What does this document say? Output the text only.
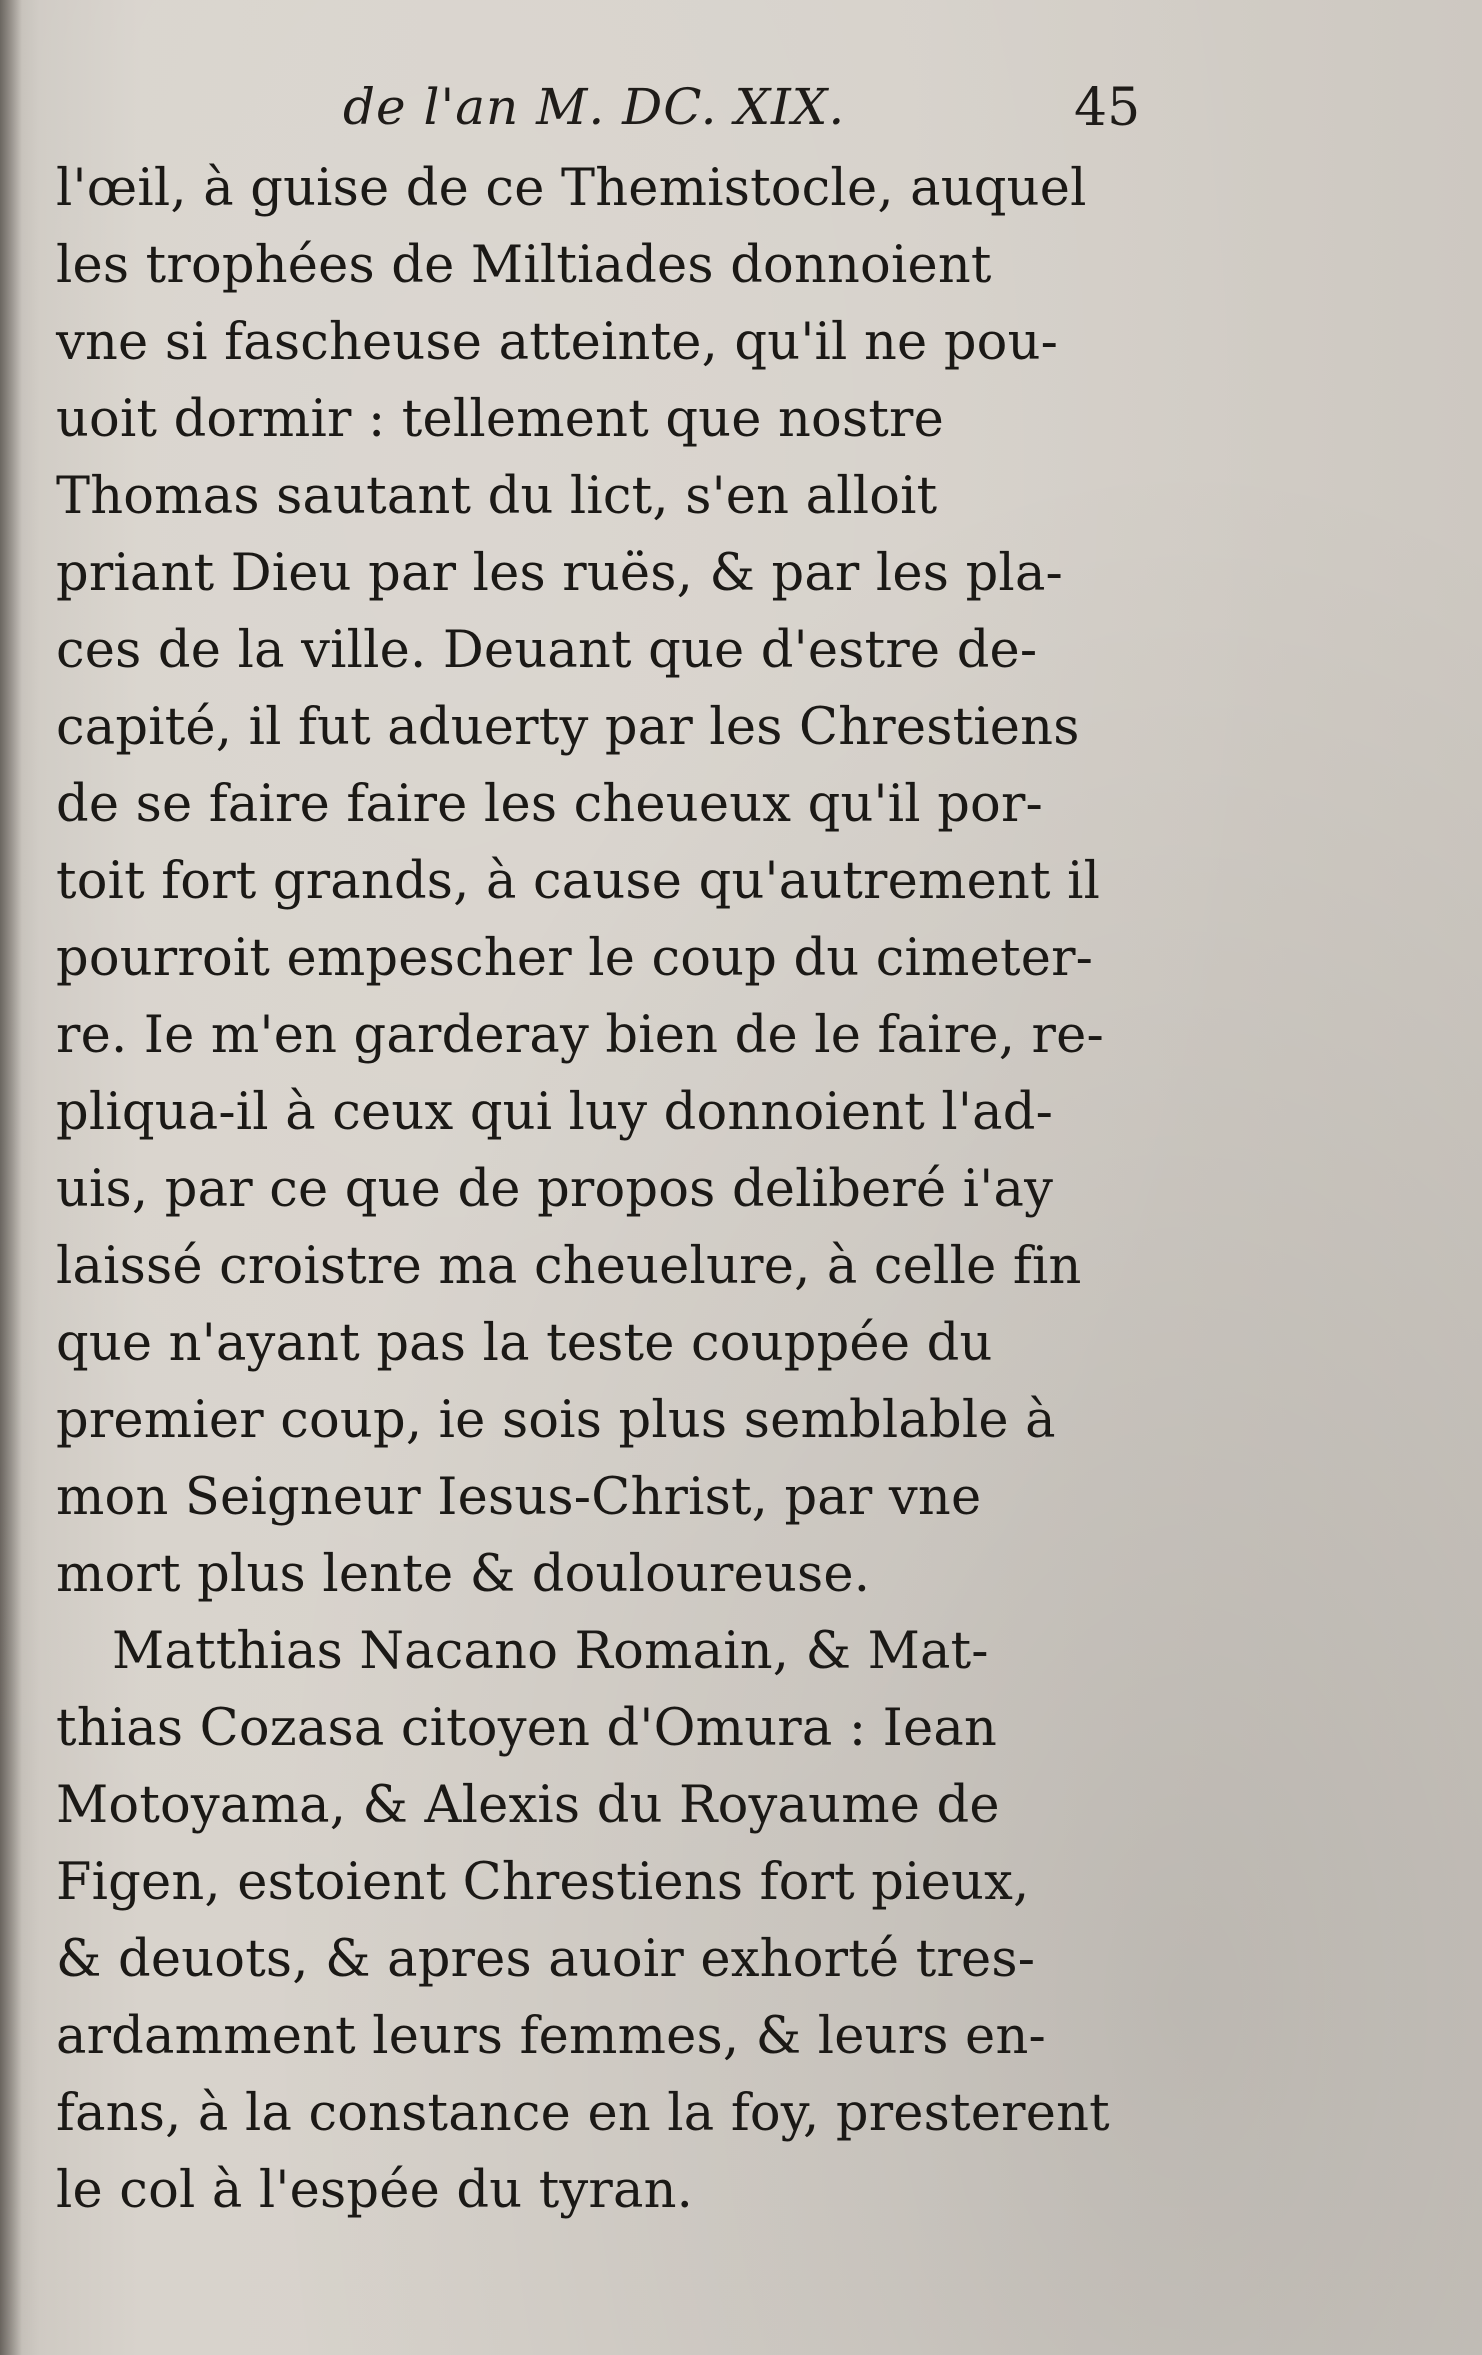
de l'an M. DC. XIX.	45
l'œil, à guise de ce Themistocle, auquel
les trophées de Miltiades donnoient
vne si fascheuse atteinte, qu'il ne pou-
uoit dormir : tellement que nostre
Thomas sautant du lict, s'en alloit
priant Dieu par les ruës, & par les pla-
ces de la ville. Deuant que d'estre de-
capité, il fut aduerty par les Chrestiens
de se faire faire les cheueux qu'il por-
toit fort grands, à cause qu'autrement il
pourroit empescher le coup du cimeter-
re. Ie m'en garderay bien de le faire, re-
pliqua-il à ceux qui luy donnoient l'ad-
uis, par ce que de propos deliberé i'ay
laissé croistre ma cheuelure, à celle fin
que n'ayant pas la teste couppée du
premier coup, ie sois plus semblable à
mon Seigneur Iesus-Christ, par vne
mort plus lente & douloureuse.
Matthias Nacano Romain, & Mat-
thias Cozasa citoyen d'Omura : Iean
Motoyama, & Alexis du Royaume de
Figen, estoient Chrestiens fort pieux,
& deuots, & apres auoir exhorté tres-
ardamment leurs femmes, & leurs en-
fans, à la constance en la foy, presterent
le col à l'espée du tyran.
